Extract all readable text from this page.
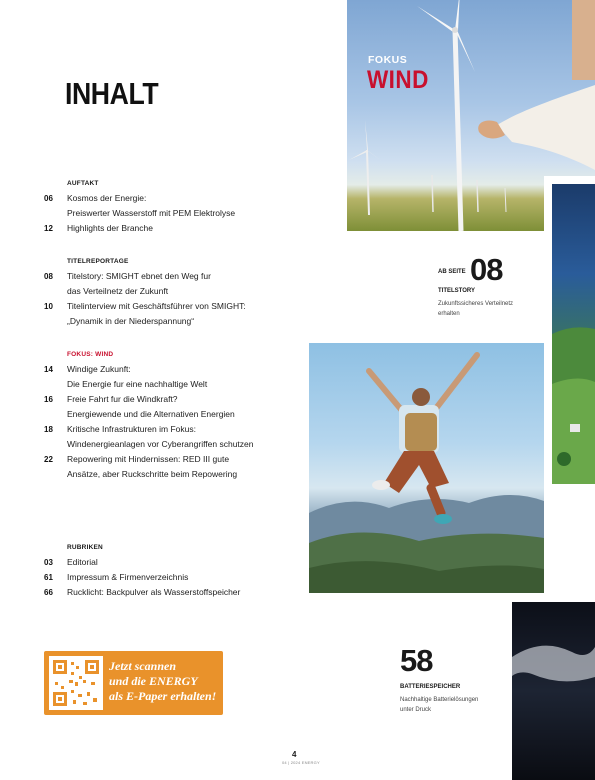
INHALT
AUFTAKT
06 Kosmos der Energie:
Preiswerter Wasserstoff mit PEM Elektrolyse
12 Highlights der Branche
TITELREPORTAGE
08 Titelstory: SMIGHT ebnet den Weg fur
das Verteilnetz der Zukunft
10 Titelinterview mit Geschäftsführer von SMIGHT:
„Dynamik in der Niederspannung“
FOKUS: WIND
14 Windige Zukunft:
Die Energie fur eine nachhaltige Welt
16 Freie Fahrt fur die Windkraft?
Energiewende und die Alternativen Energien
18 Kritische Infrastrukturen im Fokus:
Windenergieanlagen vor Cyberangriffen schutzen
22 Repowering mit Hindernissen: RED III gute
Ansätze, aber Ruckschritte beim Repowering
RUBRIKEN
03 Editorial
61 Impressum & Firmenverzeichnis
66 Rucklicht: Backpulver als Wasserstoffspeicher
FOKUS
WIND
AB SEITE 08
TITELSTORY
Zukunftssicheres Verteilnetz erhalten
58
BATTERIESPEICHER
Nachhaltige Batterielösungen unter Druck
Jetzt scannen
und die ENERGY
als E-Paper erhalten!
4
04 | 2024 ENERGY
